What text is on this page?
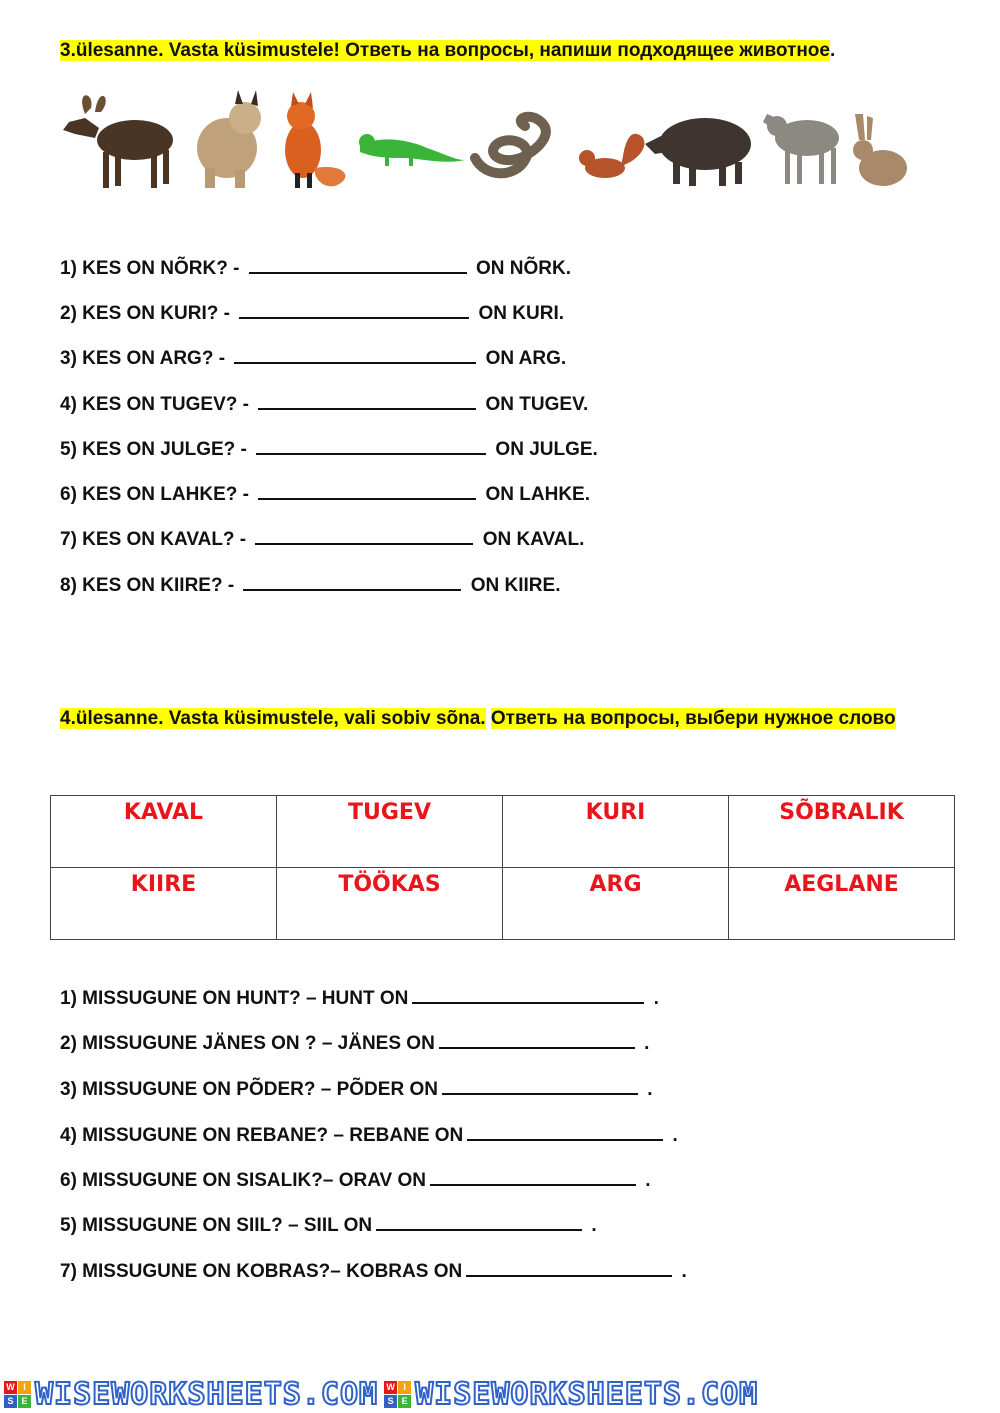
3.ülesanne. Vasta küsimustele! Ответь на вопросы, напиши подходящее животное.
1) KES ON NÕRK? -	ON NÕRK.
2) KES ON KURI? -	ON KURI.
3) KES ON ARG? -	ON ARG.
4) KES ON TUGEV? -	ON TUGEV.
5) KES ON JULGE? -	ON JULGE.
6) KES ON LAHKE? -	ON LAHKE.
7) KES ON KAVAL? -	ON KAVAL.
8) KES ON KIIRE? -	ON KIIRE.
4.ülesanne. Vasta küsimustele, vali sobiv sõna. Ответь на вопросы, выбери нужное слово
KAVAL	TUGEV	KURI	SÕBRALIK
KIIRE	TÖÖKAS	ARG	AEGLANE
1) MISSUGUNE ON HUNT? – HUNT ON	.
2) MISSUGUNE JÄNES ON ? – JÄNES ON	.
3) MISSUGUNE ON PÕDER? – PÕDER ON	.
4) MISSUGUNE ON REBANE? – REBANE ON	.
6) MISSUGUNE ON SISALIK?– ORAV ON	.
5) MISSUGUNE ON SIIL? – SIIL ON	.
7) MISSUGUNE ON KOBRAS?– KOBRAS ON	.
W I
S E WISEWORKSHEETS.COM W I
S E WISEWORKSHEETS.COM
